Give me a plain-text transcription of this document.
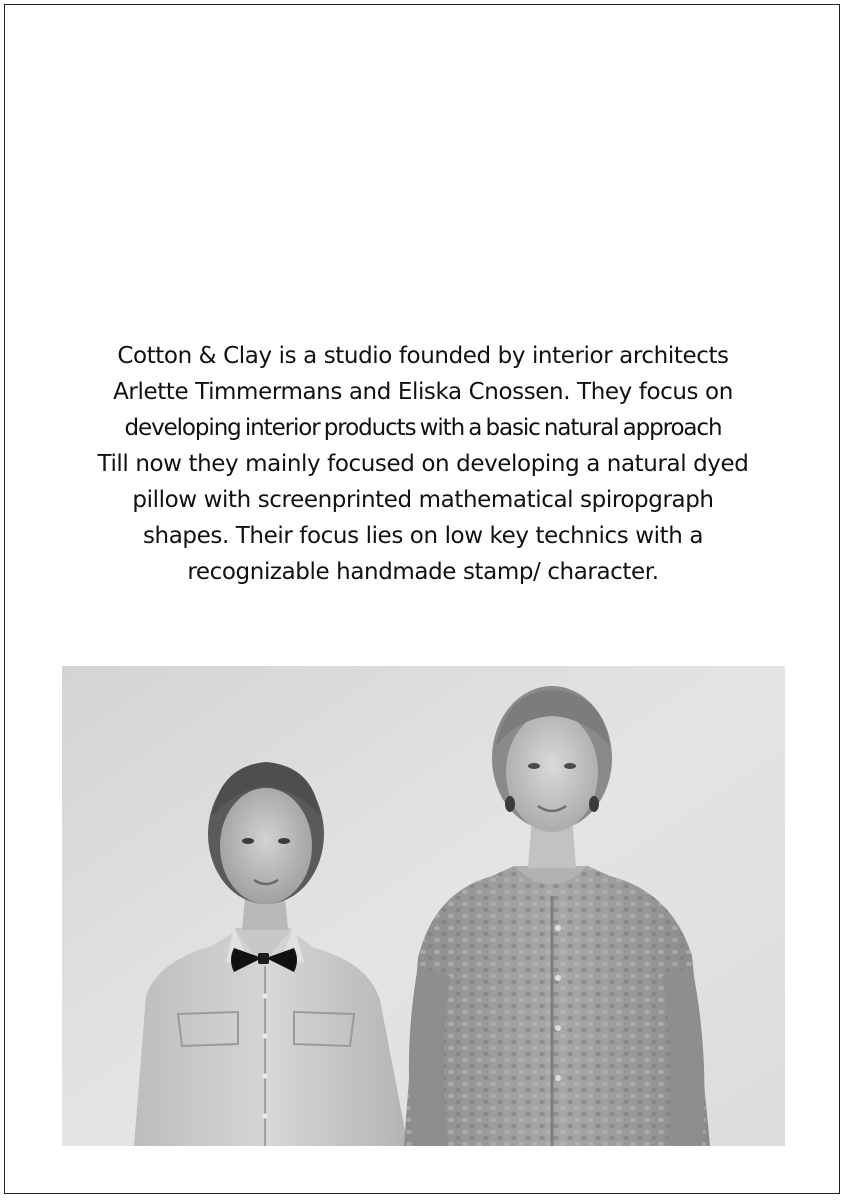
Cotton & Clay is a studio founded by interior architects
Arlette Timmermans and Eliska Cnossen. They focus on
developing interior products with a basic natural approach
Till now they mainly focused on developing a natural dyed
pillow with screenprinted mathematical spiropgraph
shapes. Their focus lies on low key technics with a
recognizable handmade stamp/ character.
